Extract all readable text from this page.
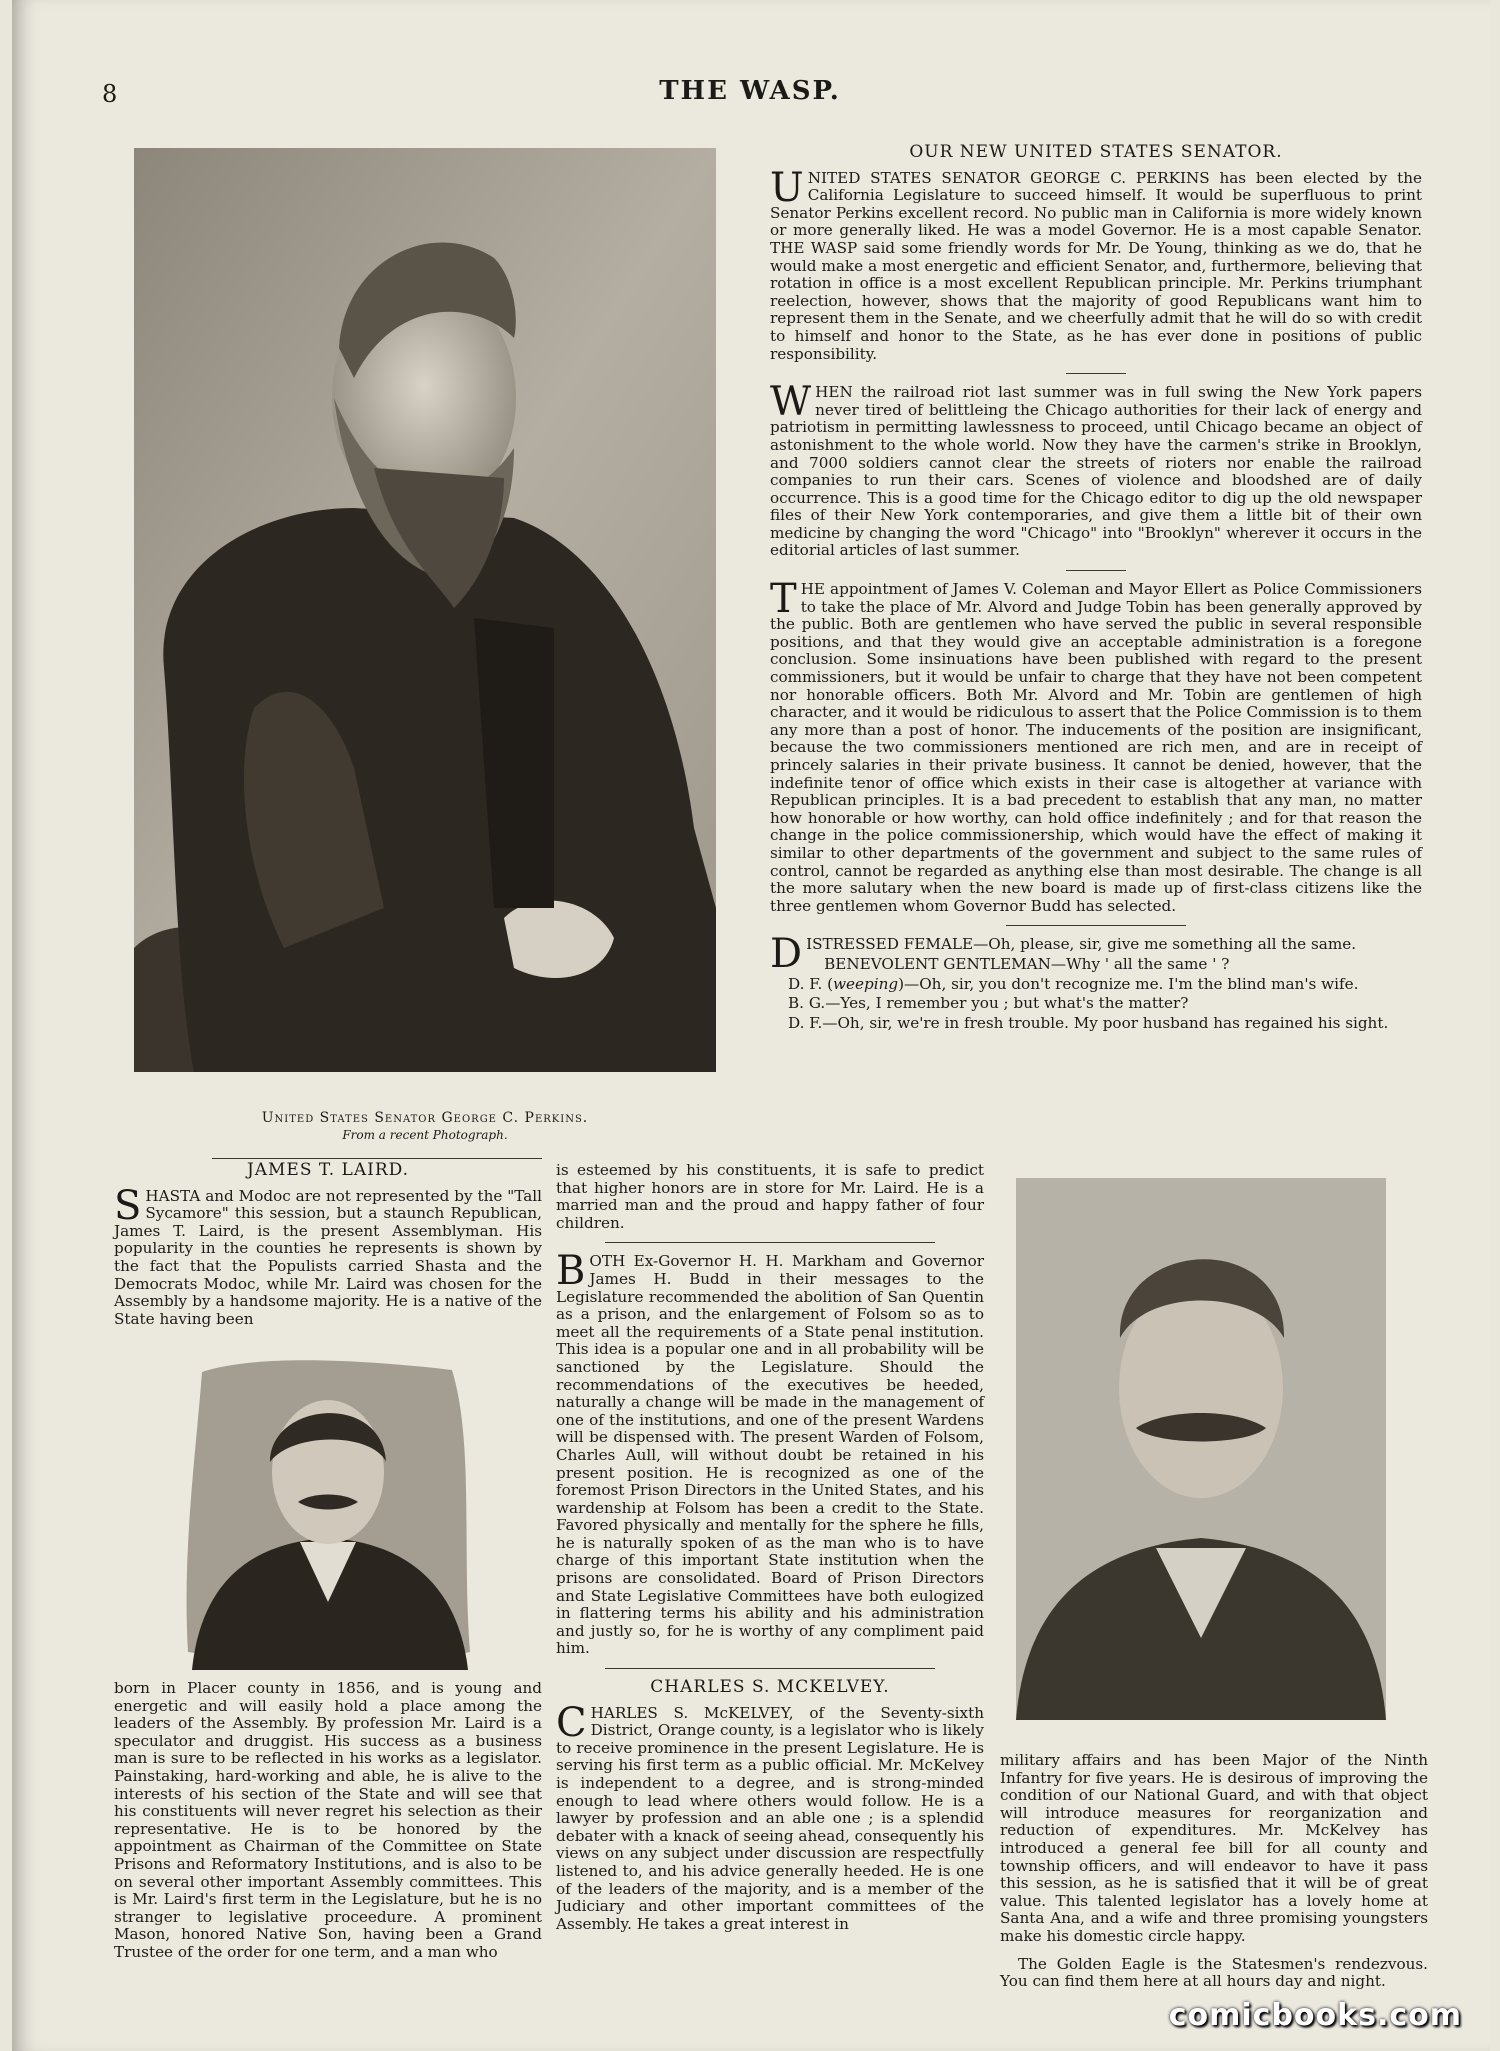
8	THE WASP.
United States Senator George C. Perkins.
From a recent Photograph.
OUR NEW UNITED STATES SENATOR.

UNITED STATES SENATOR GEORGE C. PERKINS has been elected by the California Legislature to succeed himself. It would be superfluous to print Senator Perkins excellent record. No public man in California is more widely known or more generally liked. He was a model Governor. He is a most capable Senator. THE WASP said some friendly words for Mr. De Young, thinking as we do, that he would make a most energetic and efficient Senator, and, furthermore, believing that rotation in office is a most excellent Republican principle. Mr. Perkins triumphant reelection, however, shows that the majority of good Republicans want him to represent them in the Senate, and we cheerfully admit that he will do so with credit to himself and honor to the State, as he has ever done in positions of public responsibility.

WHEN the railroad riot last summer was in full swing the New York papers never tired of belittleing the Chicago authorities for their lack of energy and patriotism in permitting lawlessness to proceed, until Chicago became an object of astonishment to the whole world. Now they have the carmen's strike in Brooklyn, and 7000 soldiers cannot clear the streets of rioters nor enable the railroad companies to run their cars. Scenes of violence and bloodshed are of daily occurrence. This is a good time for the Chicago editor to dig up the old newspaper files of their New York contemporaries, and give them a little bit of their own medicine by changing the word "Chicago" into "Brooklyn" wherever it occurs in the editorial articles of last summer.

THE appointment of James V. Coleman and Mayor Ellert as Police Commissioners to take the place of Mr. Alvord and Judge Tobin has been generally approved by the public. Both are gentlemen who have served the public in several responsible positions, and that they would give an acceptable administration is a foregone conclusion. Some insinuations have been published with regard to the present commissioners, but it would be unfair to charge that they have not been competent nor honorable officers. Both Mr. Alvord and Mr. Tobin are gentlemen of high character, and it would be ridiculous to assert that the Police Commission is to them any more than a post of honor. The inducements of the position are insignificant, because the two commissioners mentioned are rich men, and are in receipt of princely salaries in their private business. It cannot be denied, however, that the indefinite tenor of office which exists in their case is altogether at variance with Republican principles. It is a bad precedent to establish that any man, no matter how honorable or how worthy, can hold office indefinitely ; and for that reason the change in the police commissionership, which would have the effect of making it similar to other departments of the government and subject to the same rules of control, cannot be regarded as anything else than most desirable. The change is all the more salutary when the new board is made up of first-class citizens like the three gentlemen whom Governor Budd has selected.

DISTRESSED FEMALE—Oh, please, sir, give me something all the same.

BENEVOLENT GENTLEMAN—Why ' all the same ' ?

D. F. (weeping)—Oh, sir, you don't recognize me. I'm the blind man's wife.

B. G.—Yes, I remember you ; but what's the matter?

D. F.—Oh, sir, we're in fresh trouble. My poor husband has regained his sight.

JAMES T. LAIRD.

SHASTA and Modoc are not represented by the "Tall Sycamore" this session, but a staunch Republican, James T. Laird, is the present Assemblyman. His popularity in the counties he represents is shown by the fact that the Populists carried Shasta and the Democrats Modoc, while Mr. Laird was chosen for the Assembly by a handsome majority. He is a native of the State having been

born in Placer county in 1856, and is young and energetic and will easily hold a place among the leaders of the Assembly. By profession Mr. Laird is a speculator and druggist. His success as a business man is sure to be reflected in his works as a legislator. Painstaking, hard-working and able, he is alive to the interests of his section of the State and will see that his constituents will never regret his selection as their representative. He is to be honored by the appointment as Chairman of the Committee on State Prisons and Reformatory Institutions, and is also to be on several other important Assembly committees. This is Mr. Laird's first term in the Legislature, but he is no stranger to legislative proceedure. A prominent Mason, honored Native Son, having been a Grand Trustee of the order for one term, and a man who

is esteemed by his constituents, it is safe to predict that higher honors are in store for Mr. Laird. He is a married man and the proud and happy father of four children.

BOTH Ex-Governor H. H. Markham and Governor James H. Budd in their messages to the Legislature recommended the abolition of San Quentin as a prison, and the enlargement of Folsom so as to meet all the requirements of a State penal institution. This idea is a popular one and in all probability will be sanctioned by the Legislature. Should the recommendations of the executives be heeded, naturally a change will be made in the management of one of the institutions, and one of the present Wardens will be dispensed with. The present Warden of Folsom, Charles Aull, will without doubt be retained in his present position. He is recognized as one of the foremost Prison Directors in the United States, and his wardenship at Folsom has been a credit to the State. Favored physically and mentally for the sphere he fills, he is naturally spoken of as the man who is to have charge of this important State institution when the prisons are consolidated. Board of Prison Directors and State Legislative Committees have both eulogized in flattering terms his ability and his administration and justly so, for he is worthy of any compliment paid him.

CHARLES S. MCKELVEY.

CHARLES S. McKELVEY, of the Seventy-sixth District, Orange county, is a legislator who is likely to receive prominence in the present Legislature. He is serving his first term as a public official. Mr. McKelvey is independent to a degree, and is strong-minded enough to lead where others would follow. He is a lawyer by profession and an able one ; is a splendid debater with a knack of seeing ahead, consequently his views on any subject under discussion are respectfully listened to, and his advice generally heeded. He is one of the leaders of the majority, and is a member of the Judiciary and other important committees of the Assembly. He takes a great interest in

military affairs and has been Major of the Ninth Infantry for five years. He is desirous of improving the condition of our National Guard, and with that object will introduce measures for reorganization and reduction of expenditures. Mr. McKelvey has introduced a general fee bill for all county and township officers, and will endeavor to have it pass this session, as he is satisfied that it will be of great value. This talented legislator has a lovely home at Santa Ana, and a wife and three promising youngsters make his domestic circle happy.

The Golden Eagle is the Statesmen's rendezvous. You can find them here at all hours day and night.

comicbooks.com
